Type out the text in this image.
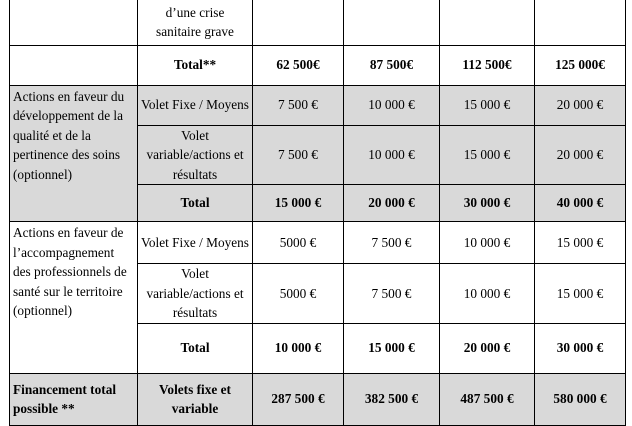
	d’une crise
sanitaire grave				
	Total**	62 500€	87 500€	112 500€	125 000€
Actions en faveur du développement de la qualité et de la pertinence des soins (optionnel)	Volet Fixe / Moyens	7 500 €	10 000 €	15 000 €	20 000 €
	Volet variable/actions et résultats	7 500 €	10 000 €	15 000 €	20 000 €
	Total	15 000 €	20 000 €	30 000 €	40 000 €
Actions en faveur de l’accompagnement des professionnels de santé sur le territoire (optionnel)	Volet Fixe / Moyens	5000 €	7 500 €	10 000 €	15 000 €
	Volet variable/actions et résultats	5000 €	7 500 €	10 000 €	15 000 €
	Total	10 000 €	15 000 €	20 000 €	30 000 €
Financement total possible **	Volets fixe et variable	287 500 €	382 500 €	487 500 €	580 000 €
